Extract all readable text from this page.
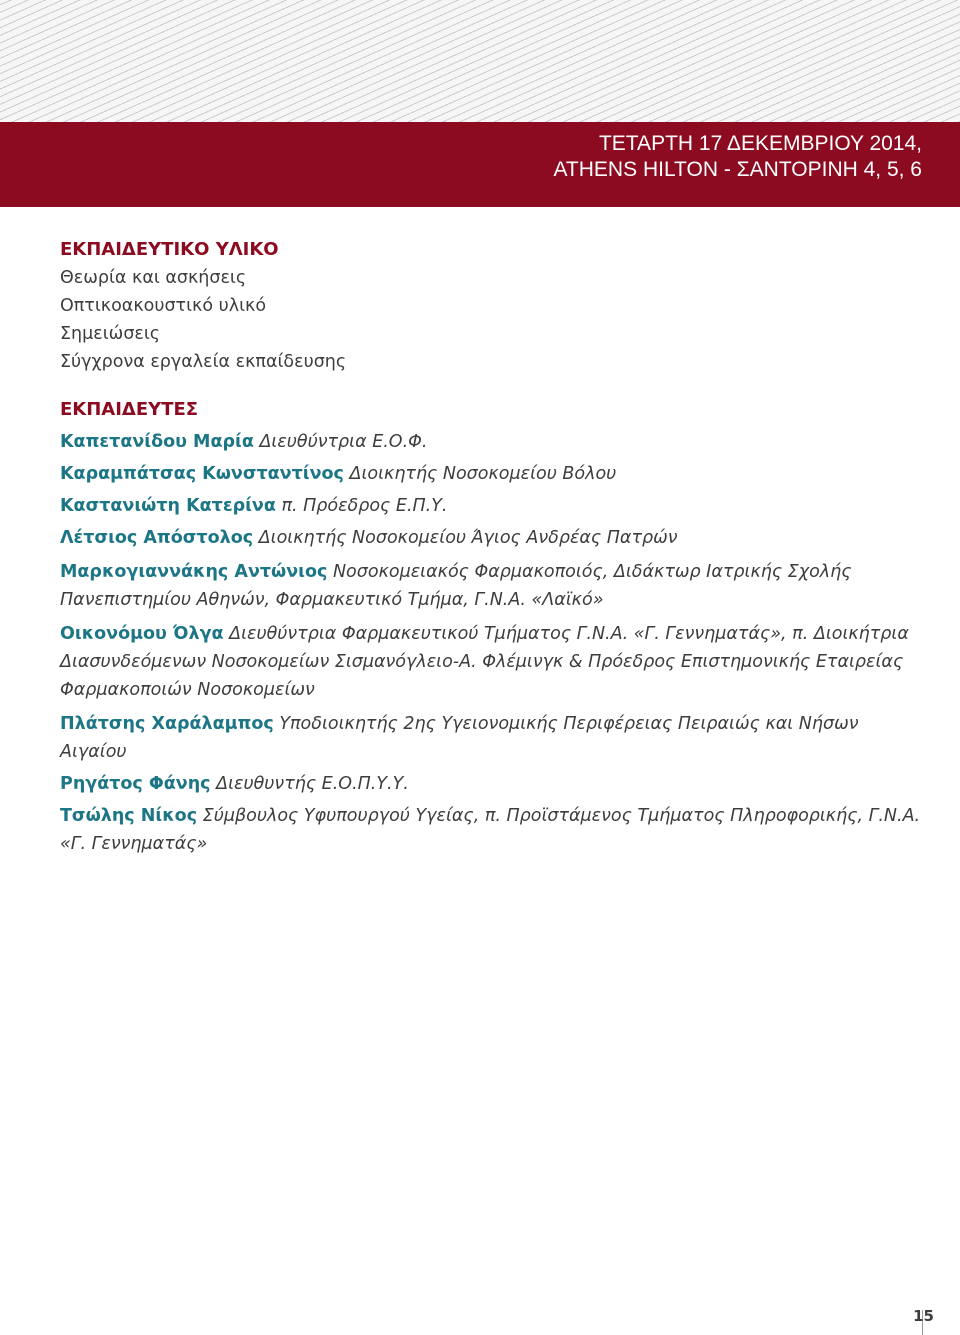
ΤΕΤΑΡΤΗ 17 ΔΕΚΕΜΒΡΙΟΥ 2014,
ATHENS HILTON - ΣΑΝΤΟΡΙΝΗ 4, 5, 6
ΕΚΠΑΙΔΕΥΤΙΚΟ ΥΛΙΚΟ
Θεωρία και ασκήσεις
Οπτικοακουστικό υλικό
Σημειώσεις
Σύγχρονα εργαλεία εκπαίδευσης
ΕΚΠΑΙΔΕΥΤΕΣ
Καπετανίδου Μαρία Διευθύντρια Ε.Ο.Φ.
Καραμπάτσας Κωνσταντίνος Διοικητής Νοσοκομείου Βόλου
Καστανιώτη Κατερίνα π. Πρόεδρος Ε.Π.Υ.
Λέτσιος Απόστολος Διοικητής Νοσοκομείου Άγιος Ανδρέας Πατρών
Μαρκογιαννάκης Αντώνιος Νοσοκομειακός Φαρμακοποιός, Διδάκτωρ Ιατρικής Σχολής Πανεπιστημίου Αθηνών, Φαρμακευτικό Τμήμα, Γ.Ν.Α. «Λαϊκό»
Οικονόμου Όλγα Διευθύντρια Φαρμακευτικού Τμήματος Γ.Ν.Α. «Γ. Γεννηματάς», π. Διοικήτρια Διασυνδεόμενων Νοσοκομείων Σισμανόγλειο-Α. Φλέμινγκ & Πρόεδρος Επιστημονικής Εταιρείας Φαρμακοποιών Νοσοκομείων
Πλάτσης Χαράλαμπος Υποδιοικητής 2ης Υγειονομικής Περιφέρειας Πειραιώς και Νήσων Αιγαίου
Ρηγάτος Φάνης Διευθυντής Ε.Ο.Π.Υ.Υ.
Τσώλης Νίκος Σύμβουλος Υφυπουργού Υγείας, π. Προϊστάμενος Τμήματος Πληροφορικής, Γ.Ν.Α. «Γ. Γεννηματάς»
15
